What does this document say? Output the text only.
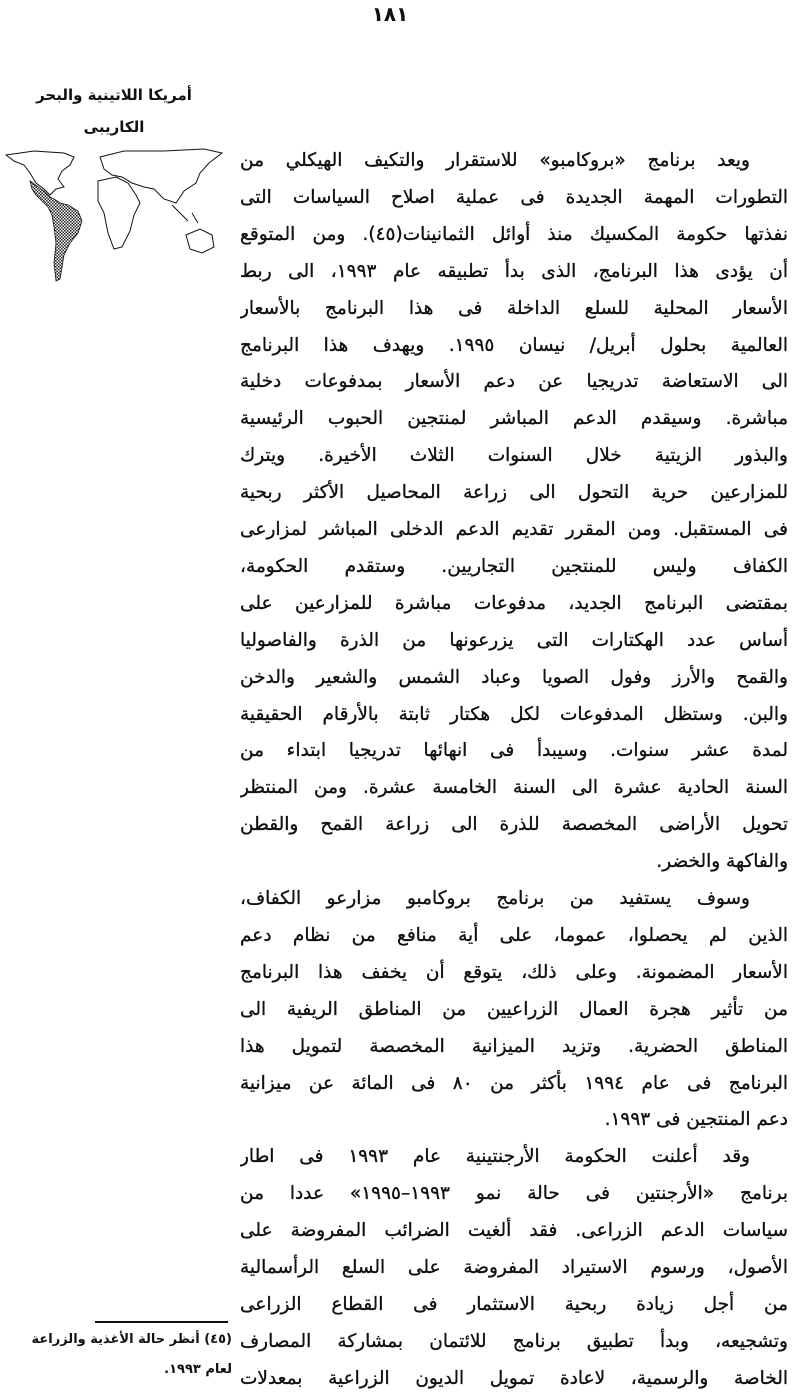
١٨١
أمريكا اللاتينية والبحر
الكاريبى
ويعد برنامج «بروكامبو» للاستقرار والتكيف الهيكلي من
التطورات المهمة الجديدة فى عملية اصلاح السياسات التى
نفذتها حكومة المكسيك منذ أوائل الثمانينات(٤٥). ومن المتوقع
أن يؤدى هذا البرنامج، الذى بدأ تطبيقه عام ١٩٩٣، الى ربط
الأسعار المحلية للسلع الداخلة فى هذا البرنامج بالأسعار
العالمية بحلول أبريل/ نيسان ١٩٩٥. ويهدف هذا البرنامج
الى الاستعاضة تدريجيا عن دعم الأسعار بمدفوعات دخلية
مباشرة. وسيقدم الدعم المباشر لمنتجين الحبوب الرئيسية
والبذور الزيتية خلال السنوات الثلاث الأخيرة. ويترك
للمزارعين حرية التحول الى زراعة المحاصيل الأكثر ربحية
فى المستقبل. ومن المقرر تقديم الدعم الدخلى المباشر لمزارعى
الكفاف وليس للمنتجين التجاريين. وستقدم الحكومة،
بمقتضى البرنامج الجديد، مدفوعات مباشرة للمزارعين على
أساس عدد الهكتارات التى يزرعونها من الذرة والفاصوليا
والقمح والأرز وفول الصويا وعباد الشمس والشعير والدخن
والبن. وستظل المدفوعات لكل هكتار ثابتة بالأرقام الحقيقية
لمدة عشر سنوات. وسيبدأ فى انهائها تدريجيا ابتداء من
السنة الحادية عشرة الى السنة الخامسة عشرة. ومن المنتظر
تحويل الأراضى المخصصة للذرة الى زراعة القمح والقطن
والفاكهة والخضر.
وسوف يستفيد من برنامج بروكامبو مزارعو الكفاف،
الذين لم يحصلوا، عموما، على أية منافع من نظام دعم
الأسعار المضمونة. وعلى ذلك، يتوقع أن يخفف هذا البرنامج
من تأثير هجرة العمال الزراعيين من المناطق الريفية الى
المناطق الحضرية. وتزيد الميزانية المخصصة لتمويل هذا
البرنامج فى عام ١٩٩٤ بأكثر من ٨٠ فى المائة عن ميزانية
دعم المنتجين فى ١٩٩٣.
وقد أعلنت الحكومة الأرجنتينية عام ١٩٩٣ فى اطار
برنامج «الأرجنتين فى حالة نمو ١٩٩٣–١٩٩٥» عددا من
سياسات الدعم الزراعى. فقد ألغيت الضرائب المفروضة على
الأصول، ورسوم الاستيراد المفروضة على السلع الرأسمالية
من أجل زيادة ربحية الاستثمار فى القطاع الزراعى
وتشجيعه، وبدأ تطبيق برنامج للائتمان بمشاركة المصارف
الخاصة والرسمية، لاعادة تمويل الديون الزراعية بمعدلات
(٤٥) أنظر حالة الأغذية والزراعة
لعام ١٩٩٣.
